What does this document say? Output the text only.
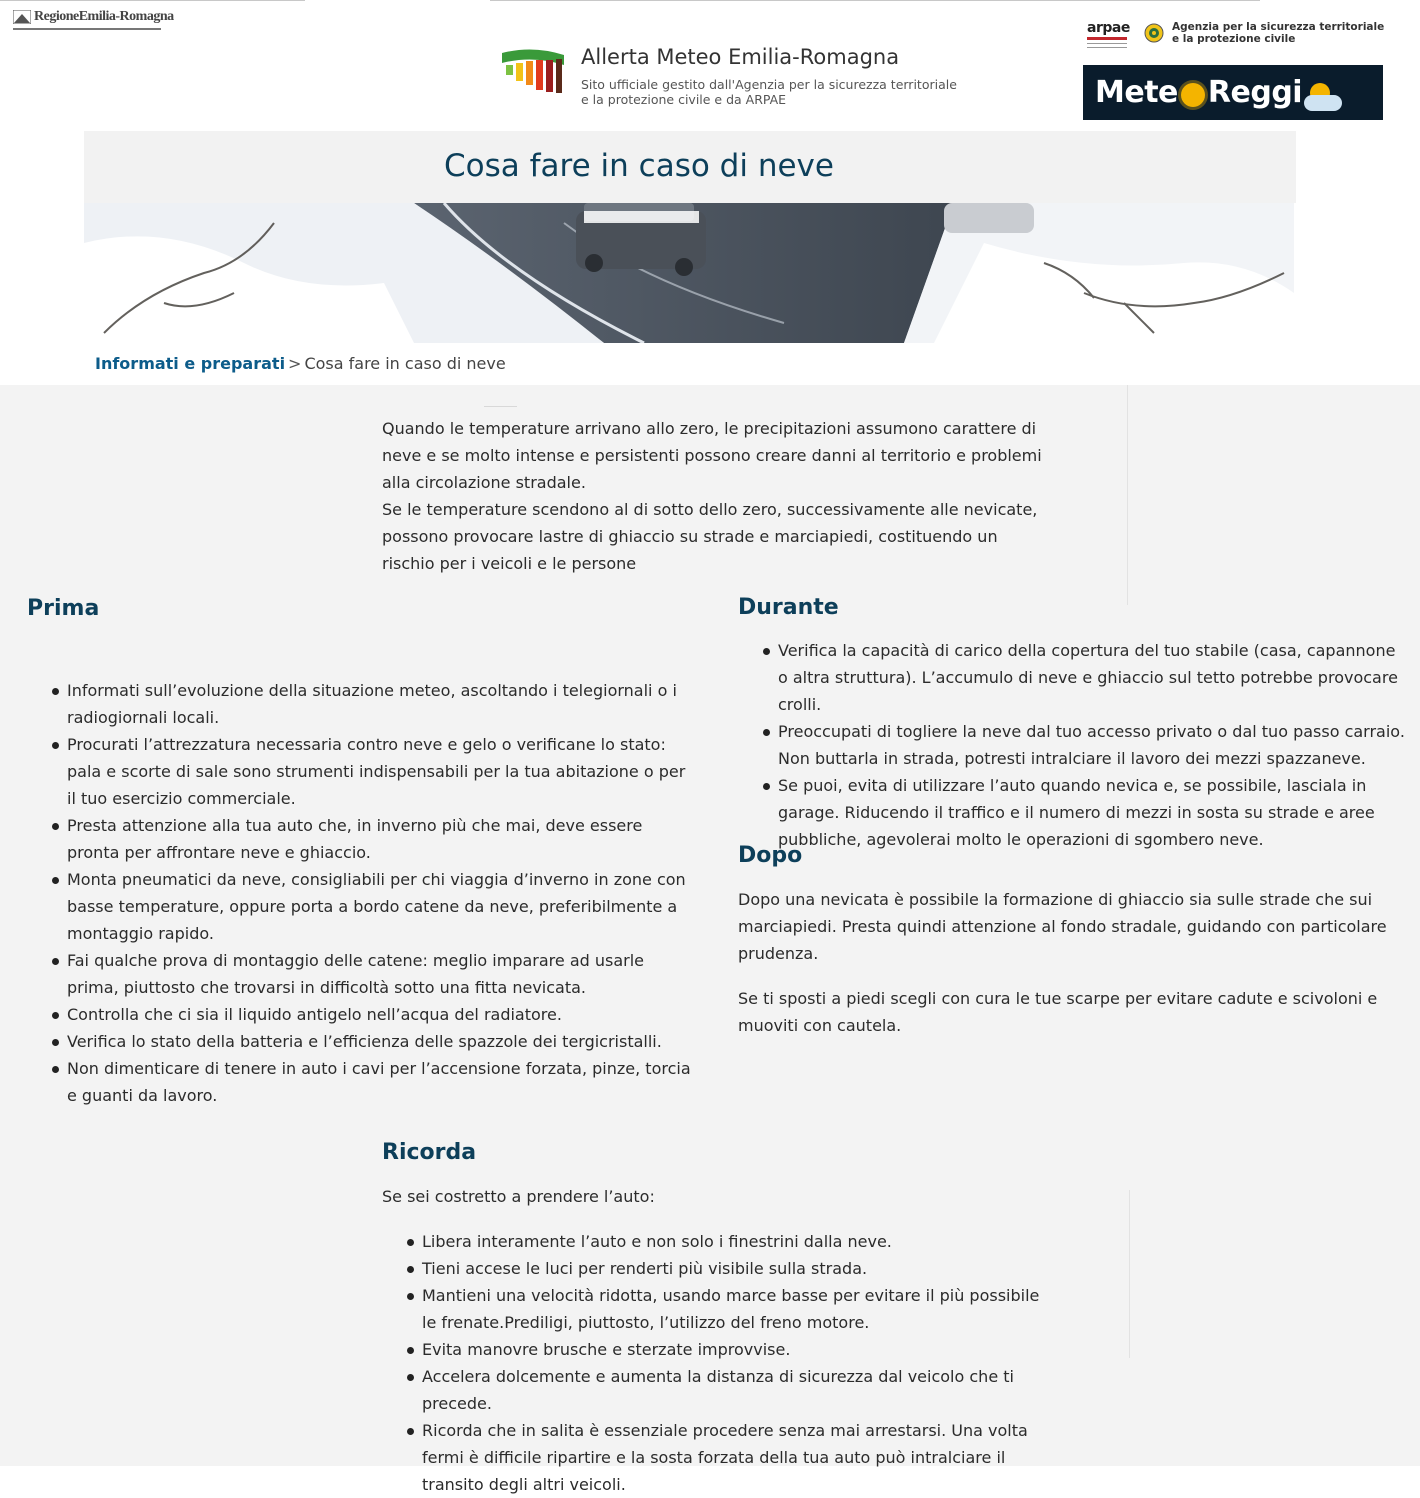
RegioneEmilia-Romagna
Allerta Meteo Emilia-Romagna
Sito ufficiale gestito dall'Agenzia per la sicurezza territoriale e la protezione civile e da ARPAE
arpae	Agenzia per la sicurezza territoriale e la protezione civile
Mete Reggi
Cosa fare in caso di neve
Informati e preparati > Cosa fare in caso di neve
Quando le temperature arrivano allo zero, le precipitazioni assumono carattere di neve e se molto intense e persistenti possono creare danni al territorio e problemi alla circolazione stradale.
Se le temperature scendono al di sotto dello zero, successivamente alle nevicate, possono provocare lastre di ghiaccio su strade e marciapiedi, costituendo un rischio per i veicoli e le persone
Prima
Informati sull’evoluzione della situazione meteo, ascoltando i telegiornali o i radiogiornali locali.
Procurati l’attrezzatura necessaria contro neve e gelo o verificane lo stato: pala e scorte di sale sono strumenti indispensabili per la tua abitazione o per il tuo esercizio commerciale.
Presta attenzione alla tua auto che, in inverno più che mai, deve essere pronta per affrontare neve e ghiaccio.
Monta pneumatici da neve, consigliabili per chi viaggia d’inverno in zone con basse temperature, oppure porta a bordo catene da neve, preferibilmente a montaggio rapido.
Fai qualche prova di montaggio delle catene: meglio imparare ad usarle prima, piuttosto che trovarsi in difficoltà sotto una fitta nevicata.
Controlla che ci sia il liquido antigelo nell’acqua del radiatore.
Verifica lo stato della batteria e l’efficienza delle spazzole dei tergicristalli.
Non dimenticare di tenere in auto i cavi per l’accensione forzata, pinze, torcia e guanti da lavoro.
Durante
Verifica la capacità di carico della copertura del tuo stabile (casa, capannone o altra struttura). L’accumulo di neve e ghiaccio sul tetto potrebbe provocare crolli.
Preoccupati di togliere la neve dal tuo accesso privato o dal tuo passo carraio. Non buttarla in strada, potresti intralciare il lavoro dei mezzi spazzaneve.
Se puoi, evita di utilizzare l’auto quando nevica e, se possibile, lasciala in garage. Riducendo il traffico e il numero di mezzi in sosta su strade e aree pubbliche, agevolerai molto le operazioni di sgombero neve.
Dopo

Dopo una nevicata è possibile la formazione di ghiaccio sia sulle strade che sui marciapiedi. Presta quindi attenzione al fondo stradale, guidando con particolare prudenza.

Se ti sposti a piedi scegli con cura le tue scarpe per evitare cadute e scivoloni e muoviti con cautela.

Ricorda

Se sei costretto a prendere l’auto:

Libera interamente l’auto e non solo i finestrini dalla neve.
Tieni accese le luci per renderti più visibile sulla strada.
Mantieni una velocità ridotta, usando marce basse per evitare il più possibile le frenate.Prediligi, piuttosto, l’utilizzo del freno motore.
Evita manovre brusche e sterzate improvvise.
Accelera dolcemente e aumenta la distanza di sicurezza dal veicolo che ti precede.
Ricorda che in salita è essenziale procedere senza mai arrestarsi. Una volta fermi è difficile ripartire e la sosta forzata della tua auto può intralciare il transito degli altri veicoli.
